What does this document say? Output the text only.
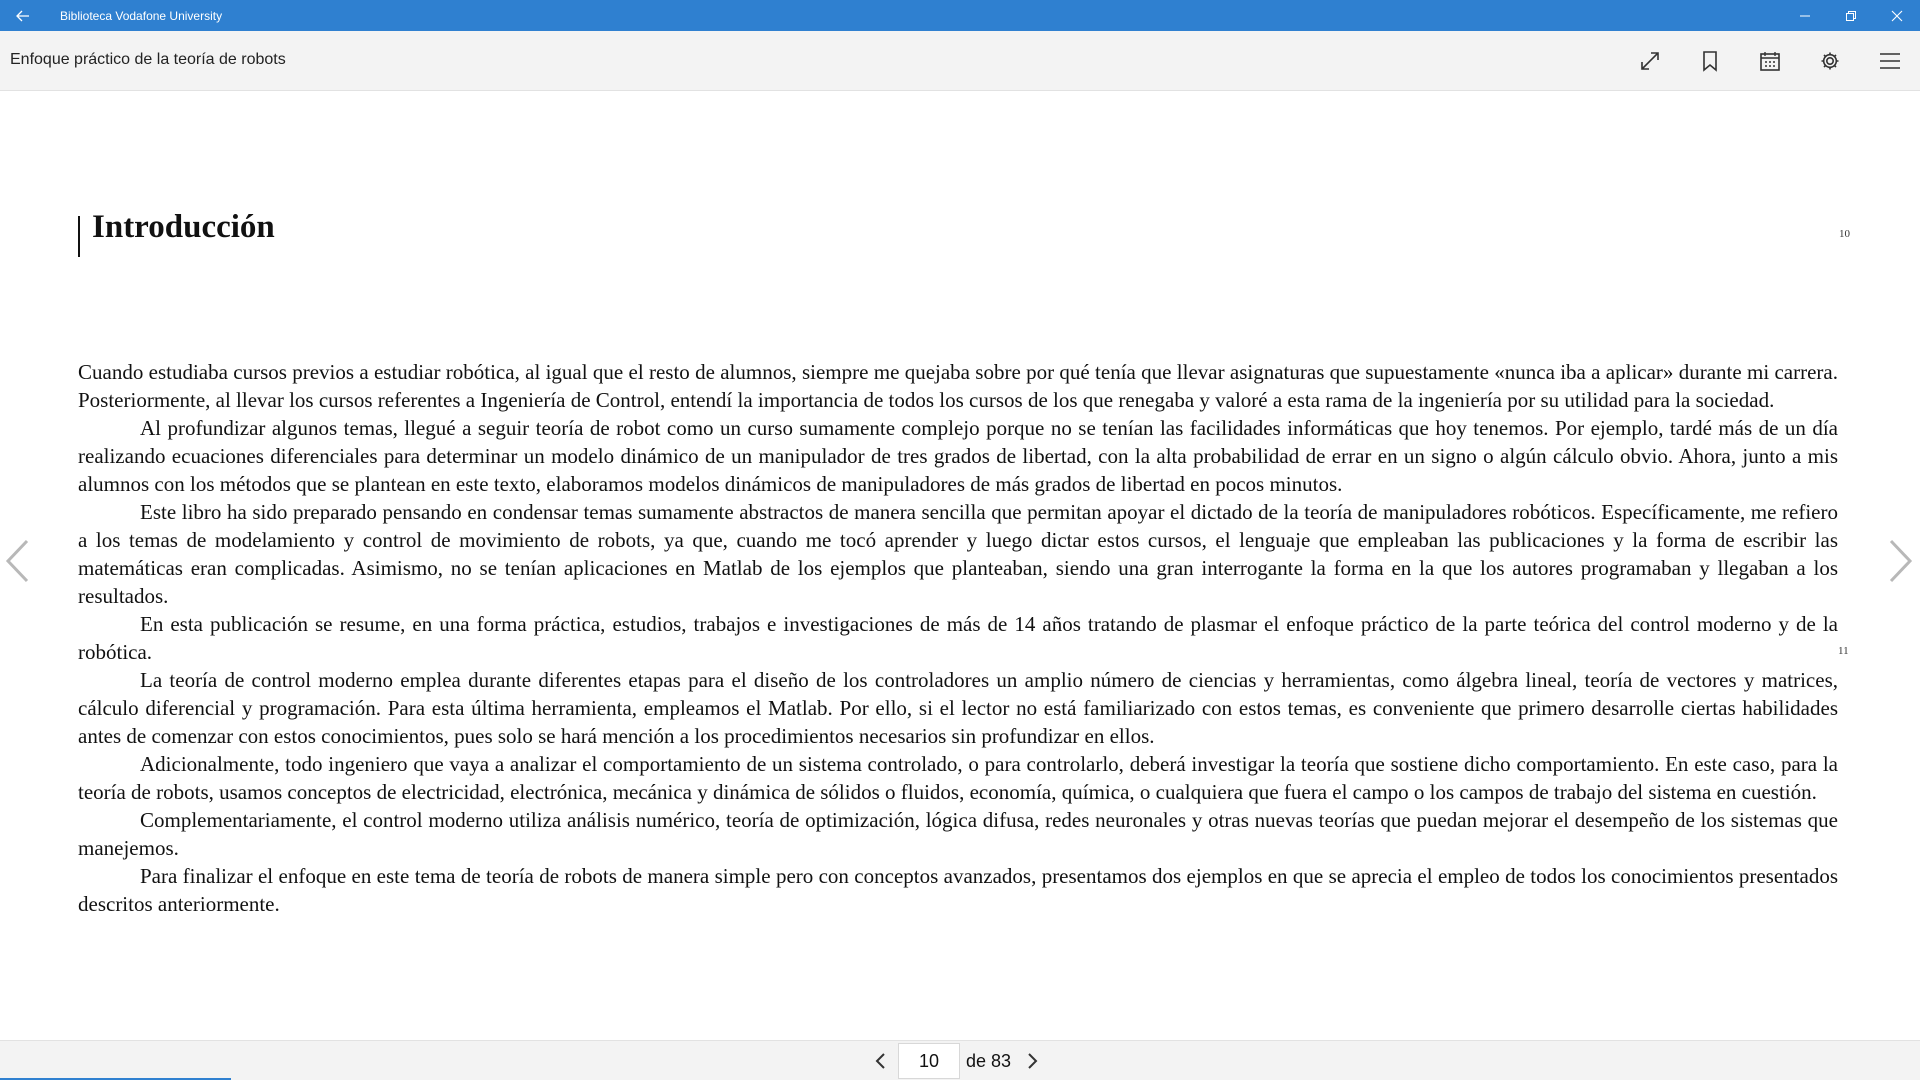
Biblioteca Vodafone University
Enfoque práctico de la teoría de robots
Introducción	10
11

Cuando estudiaba cursos previos a estudiar robótica, al igual que el resto de alumnos, siempre me quejaba sobre por qué tenía que llevar asignaturas que supuestamente «nunca iba a aplicar» durante mi carrera. Posteriormente, al llevar los cursos referentes a Ingeniería de Control, entendí la importancia de todos los cursos de los que renegaba y valoré a esta rama de la ingeniería por su utilidad para la sociedad.

Al profundizar algunos temas, llegué a seguir teoría de robot como un curso sumamente complejo porque no se tenían las facilidades informáticas que hoy tenemos. Por ejemplo, tardé más de un día realizando ecuaciones diferenciales para determinar un modelo dinámico de un manipulador de tres grados de libertad, con la alta probabilidad de errar en un signo o algún cálculo obvio. Ahora, junto a mis alumnos con los métodos que se plantean en este texto, elaboramos modelos dinámicos de manipuladores de más grados de libertad en pocos minutos.

Este libro ha sido preparado pensando en condensar temas sumamente abstractos de manera sencilla que permitan apoyar el dictado de la teoría de manipuladores robóticos. Específicamente, me refiero a los temas de modelamiento y control de movimiento de robots, ya que, cuando me tocó aprender y luego dictar estos cursos, el lenguaje que empleaban las publicaciones y la forma de escribir las matemáticas eran complicadas. Asimismo, no se tenían aplicaciones en Matlab de los ejemplos que planteaban, siendo una gran interrogante la forma en la que los autores programaban y llegaban a los resultados.

En esta publicación se resume, en una forma práctica, estudios, trabajos e investigaciones de más de 14 años tratando de plasmar el enfoque práctico de la parte teórica del control moderno y de la robótica.

La teoría de control moderno emplea durante diferentes etapas para el diseño de los controladores un amplio número de ciencias y herramientas, como álgebra lineal, teoría de vectores y matrices, cálculo diferencial y programación. Para esta última herramienta, empleamos el Matlab. Por ello, si el lector no está familiarizado con estos temas, es conveniente que primero desarrolle ciertas habilidades antes de comenzar con estos conocimientos, pues solo se hará mención a los procedimientos necesarios sin profundizar en ellos.

Adicionalmente, todo ingeniero que vaya a analizar el comportamiento de un sistema controlado, o para controlarlo, deberá investigar la teoría que sostiene dicho comportamiento. En este caso, para la teoría de robots, usamos conceptos de electricidad, electrónica, mecánica y dinámica de sólidos o fluidos, economía, química, o cualquiera que fuera el campo o los campos de trabajo del sistema en cuestión.

Complementariamente, el control moderno utiliza análisis numérico, teoría de optimización, lógica difusa, redes neuronales y otras nuevas teorías que puedan mejorar el desempeño de los sistemas que manejemos.

Para finalizar el enfoque en este tema de teoría de robots de manera simple pero con conceptos avanzados, presentamos dos ejemplos en que se aprecia el empleo de todos los conocimientos presentados descritos anteriormente.

10
de 83
